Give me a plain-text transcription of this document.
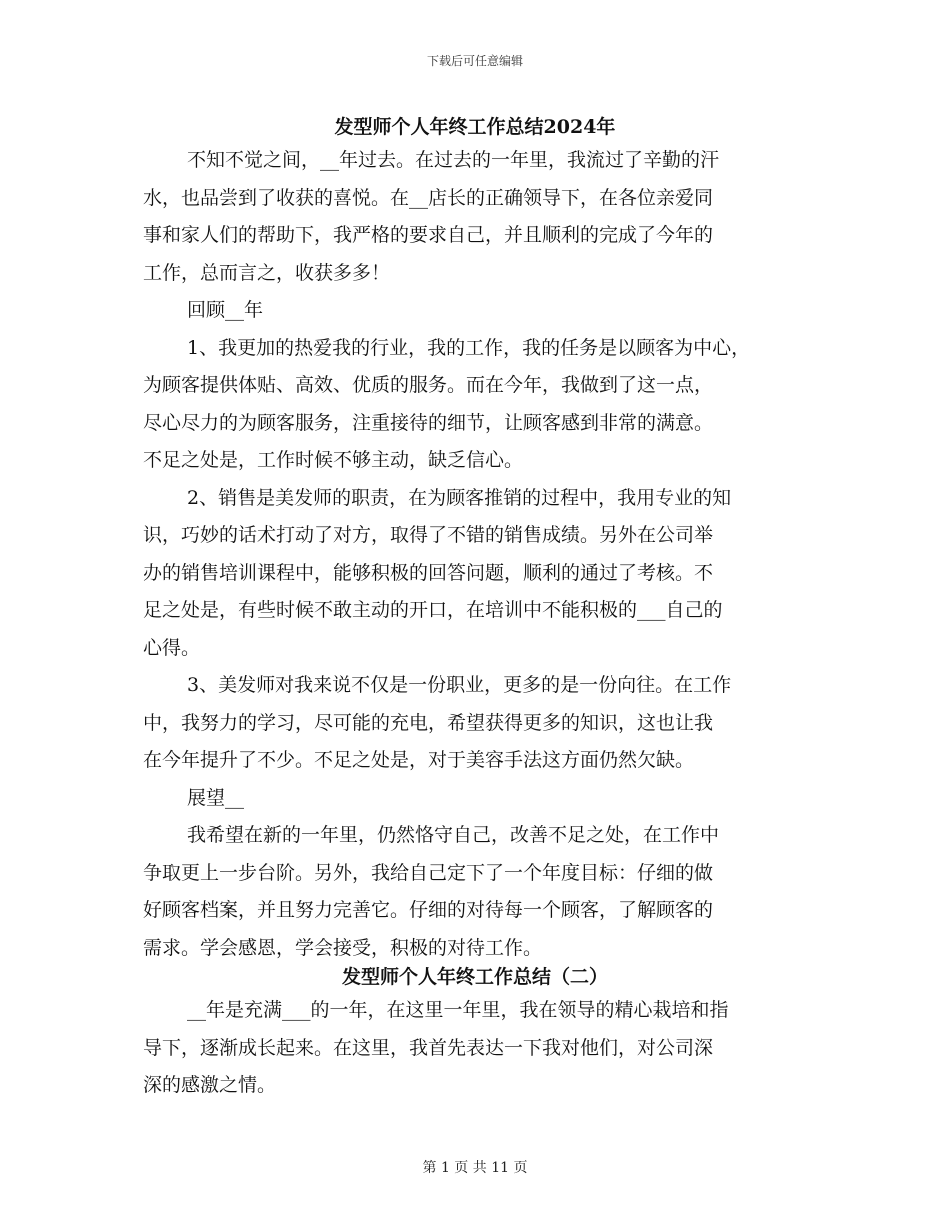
下载后可任意编辑
发型师个人年终工作总结2024年
不知不觉之间，__年过去。在过去的一年里，我流过了辛勤的汗
水，也品尝到了收获的喜悦。在__店长的正确领导下，在各位亲爱同
事和家人们的帮助下，我严格的要求自己，并且顺利的完成了今年的
工作，总而言之，收获多多！
回顾__年
1、我更加的热爱我的行业，我的工作，我的任务是以顾客为中心，
为顾客提供体贴、高效、优质的服务。而在今年，我做到了这一点，
尽心尽力的为顾客服务，注重接待的细节，让顾客感到非常的满意。
不足之处是，工作时候不够主动，缺乏信心。
2、销售是美发师的职责，在为顾客推销的过程中，我用专业的知
识，巧妙的话术打动了对方，取得了不错的销售成绩。另外在公司举
办的销售培训课程中，能够积极的回答问题，顺利的通过了考核。不
足之处是，有些时候不敢主动的开口，在培训中不能积极的___自己的
心得。
3、美发师对我来说不仅是一份职业，更多的是一份向往。在工作
中，我努力的学习，尽可能的充电，希望获得更多的知识，这也让我
在今年提升了不少。不足之处是，对于美容手法这方面仍然欠缺。
展望__
我希望在新的一年里，仍然恪守自己，改善不足之处，在工作中
争取更上一步台阶。另外，我给自己定下了一个年度目标：仔细的做
好顾客档案，并且努力完善它。仔细的对待每一个顾客，了解顾客的
需求。学会感恩，学会接受，积极的对待工作。
发型师个人年终工作总结（二）
__年是充满___的一年，在这里一年里，我在领导的精心栽培和指
导下，逐渐成长起来。在这里，我首先表达一下我对他们，对公司深
深的感激之情。
第 1 页 共 11 页
